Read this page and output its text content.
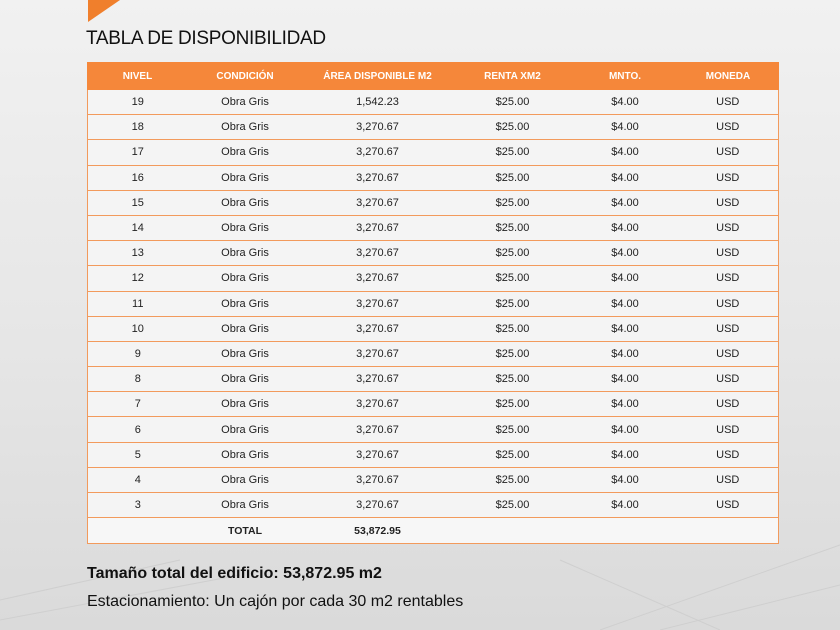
TABLA DE DISPONIBILIDAD
NIVEL	CONDICIÓN	ÁREA DISPONIBLE M2	RENTA XM2	MNTO.	MONEDA
19	Obra Gris	1,542.23	$25.00	$4.00	USD
18	Obra Gris	3,270.67	$25.00	$4.00	USD
17	Obra Gris	3,270.67	$25.00	$4.00	USD
16	Obra Gris	3,270.67	$25.00	$4.00	USD
15	Obra Gris	3,270.67	$25.00	$4.00	USD
14	Obra Gris	3,270.67	$25.00	$4.00	USD
13	Obra Gris	3,270.67	$25.00	$4.00	USD
12	Obra Gris	3,270.67	$25.00	$4.00	USD
11	Obra Gris	3,270.67	$25.00	$4.00	USD
10	Obra Gris	3,270.67	$25.00	$4.00	USD
9	Obra Gris	3,270.67	$25.00	$4.00	USD
8	Obra Gris	3,270.67	$25.00	$4.00	USD
7	Obra Gris	3,270.67	$25.00	$4.00	USD
6	Obra Gris	3,270.67	$25.00	$4.00	USD
5	Obra Gris	3,270.67	$25.00	$4.00	USD
4	Obra Gris	3,270.67	$25.00	$4.00	USD
3	Obra Gris	3,270.67	$25.00	$4.00	USD
	TOTAL	53,872.95			

Tamaño total del edificio: 53,872.95 m2

Estacionamiento: Un cajón por cada 30 m2 rentables
